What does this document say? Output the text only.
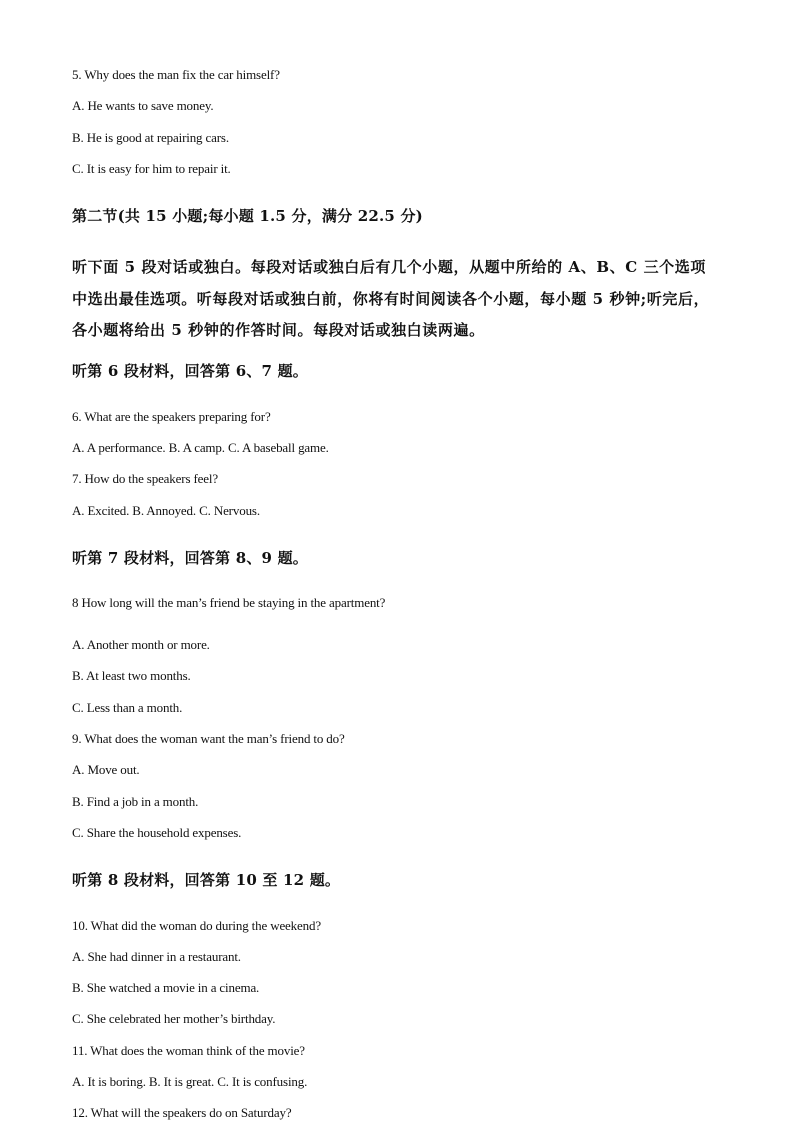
5. Why does the man fix the car himself?

A. He wants to save money.

B. He is good at repairing cars.

C. It is easy for him to repair it.

第二节(共 15 小题;每小题 1.5 分，满分 22.5 分)

听下面 5 段对话或独白。每段对话或独白后有几个小题，从题中所给的 A、B、C 三个选项
中选出最佳选项。听每段对话或独白前，你将有时间阅读各个小题，每小题 5 秒钟;听完后，
各小题将给出 5 秒钟的作答时间。每段对话或独白读两遍。

听第 6 段材料，回答第 6、7 题。

6. What are the speakers preparing for?

A. A performance. B. A camp. C. A baseball game.

7. How do the speakers feel?

A. Excited. B. Annoyed. C. Nervous.

听第 7 段材料，回答第 8、9 题。

8 How long will the man’s friend be staying in the apartment?

A. Another month or more.

B. At least two months.

C. Less than a month.

9. What does the woman want the man’s friend to do?

A. Move out.

B. Find a job in a month.

C. Share the household expenses.

听第 8 段材料，回答第 10 至 12 题。

10. What did the woman do during the weekend?

A. She had dinner in a restaurant.

B. She watched a movie in a cinema.

C. She celebrated her mother’s birthday.

11. What does the woman think of the movie?

A. It is boring. B. It is great. C. It is confusing.

12. What will the speakers do on Saturday?
